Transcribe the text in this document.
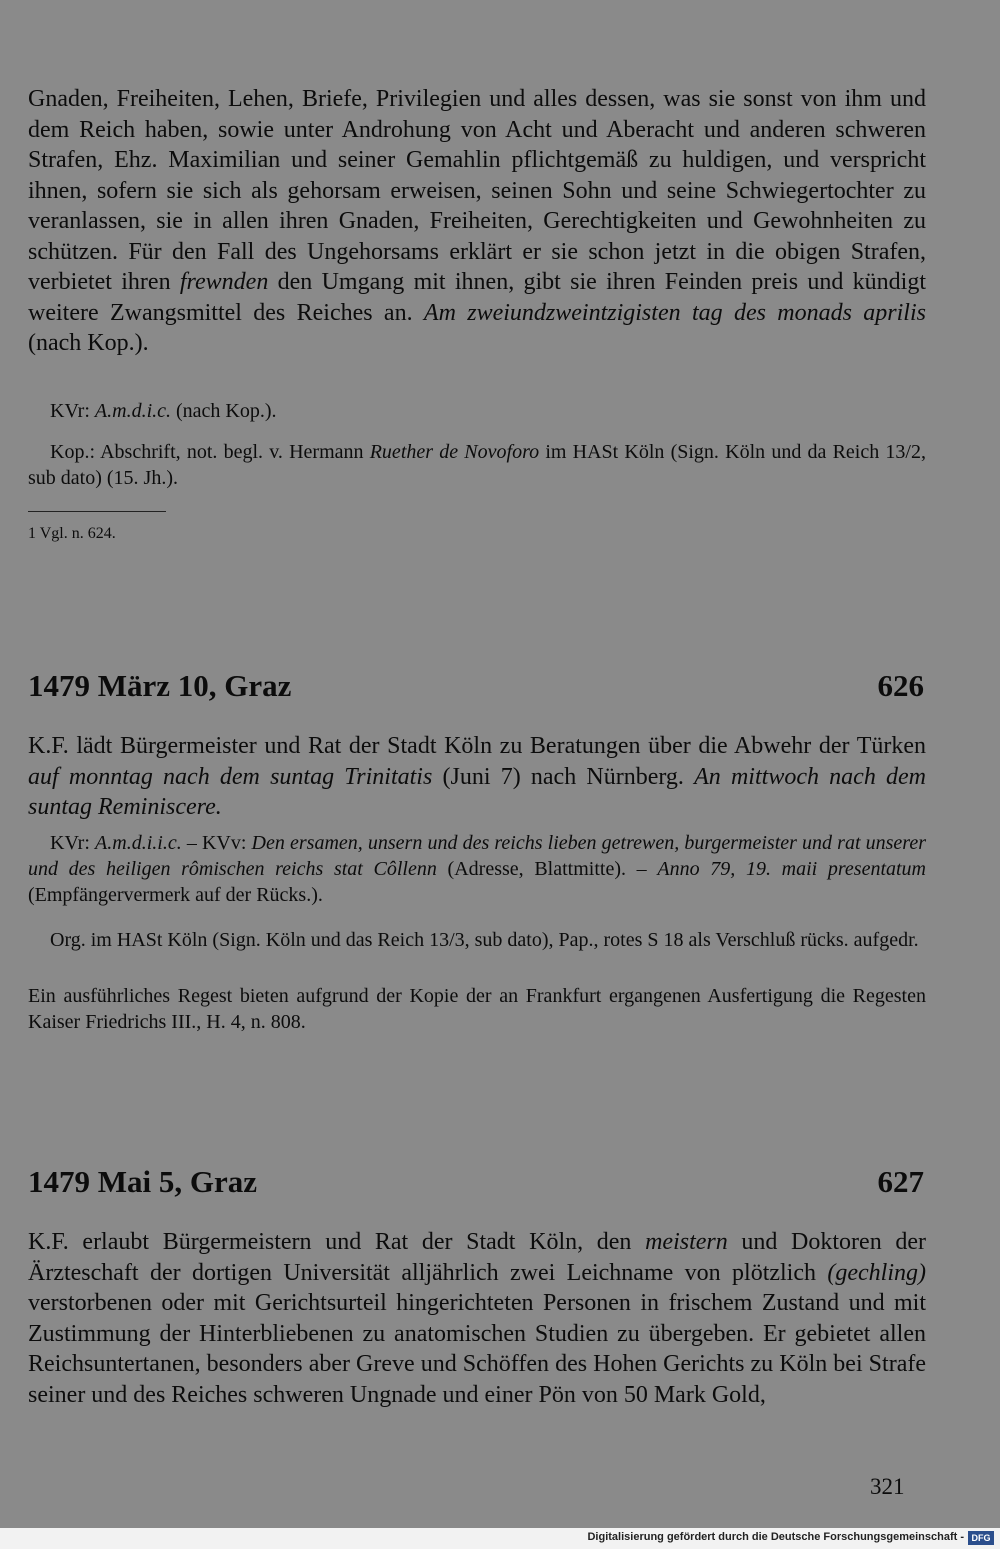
Gnaden, Freiheiten, Lehen, Briefe, Privilegien und alles dessen, was sie sonst von ihm und dem Reich haben, sowie unter Androhung von Acht und Aberacht und anderen schweren Strafen, Ehz. Maximilian und seiner Gemahlin pflichtgemäß zu huldigen, und verspricht ihnen, sofern sie sich als gehorsam erweisen, seinen Sohn und seine Schwiegertochter zu veranlassen, sie in allen ihren Gnaden, Freiheiten, Gerechtigkeiten und Gewohnheiten zu schützen. Für den Fall des Ungehorsams erklärt er sie schon jetzt in die obigen Strafen, verbietet ihren frewnden den Umgang mit ihnen, gibt sie ihren Feinden preis und kündigt weitere Zwangsmittel des Reiches an. Am zweiundzweintzigisten tag des monads aprilis (nach Kop.).
KVr: A.m.d.i.c. (nach Kop.).
Kop.: Abschrift, not. begl. v. Hermann Ruether de Novoforo im HASt Köln (Sign. Köln und da Reich 13/2, sub dato) (15. Jh.).
1 Vgl. n. 624.
1479 März 10, Graz	626
K.F. lädt Bürgermeister und Rat der Stadt Köln zu Beratungen über die Abwehr der Türken auf monntag nach dem suntag Trinitatis (Juni 7) nach Nürnberg. An mittwoch nach dem suntag Reminiscere.
KVr: A.m.d.i.i.c. – KVv: Den ersamen, unsern und des reichs lieben getrewen, burgermeister und rat unserer und des heiligen rômischen reichs stat Côllenn (Adresse, Blattmitte). – Anno 79, 19. maii presentatum (Empfängervermerk auf der Rücks.).
Org. im HASt Köln (Sign. Köln und das Reich 13/3, sub dato), Pap., rotes S 18 als Verschluß rücks. aufgedr.
Ein ausführliches Regest bieten aufgrund der Kopie der an Frankfurt ergangenen Ausfertigung die Regesten Kaiser Friedrichs III., H. 4, n. 808.
1479 Mai 5, Graz	627
K.F. erlaubt Bürgermeistern und Rat der Stadt Köln, den meistern und Doktoren der Ärzteschaft der dortigen Universität alljährlich zwei Leichname von plötzlich (gechling) verstorbenen oder mit Gerichtsurteil hingerichteten Personen in frischem Zustand und mit Zustimmung der Hinterbliebenen zu anatomischen Studien zu übergeben. Er gebietet allen Reichsuntertanen, besonders aber Greve und Schöffen des Hohen Gerichts zu Köln bei Strafe seiner und des Reiches schweren Ungnade und einer Pön von 50 Mark Gold,
321
Digitalisierung gefördert durch die Deutsche Forschungsgemeinschaft - DFG
